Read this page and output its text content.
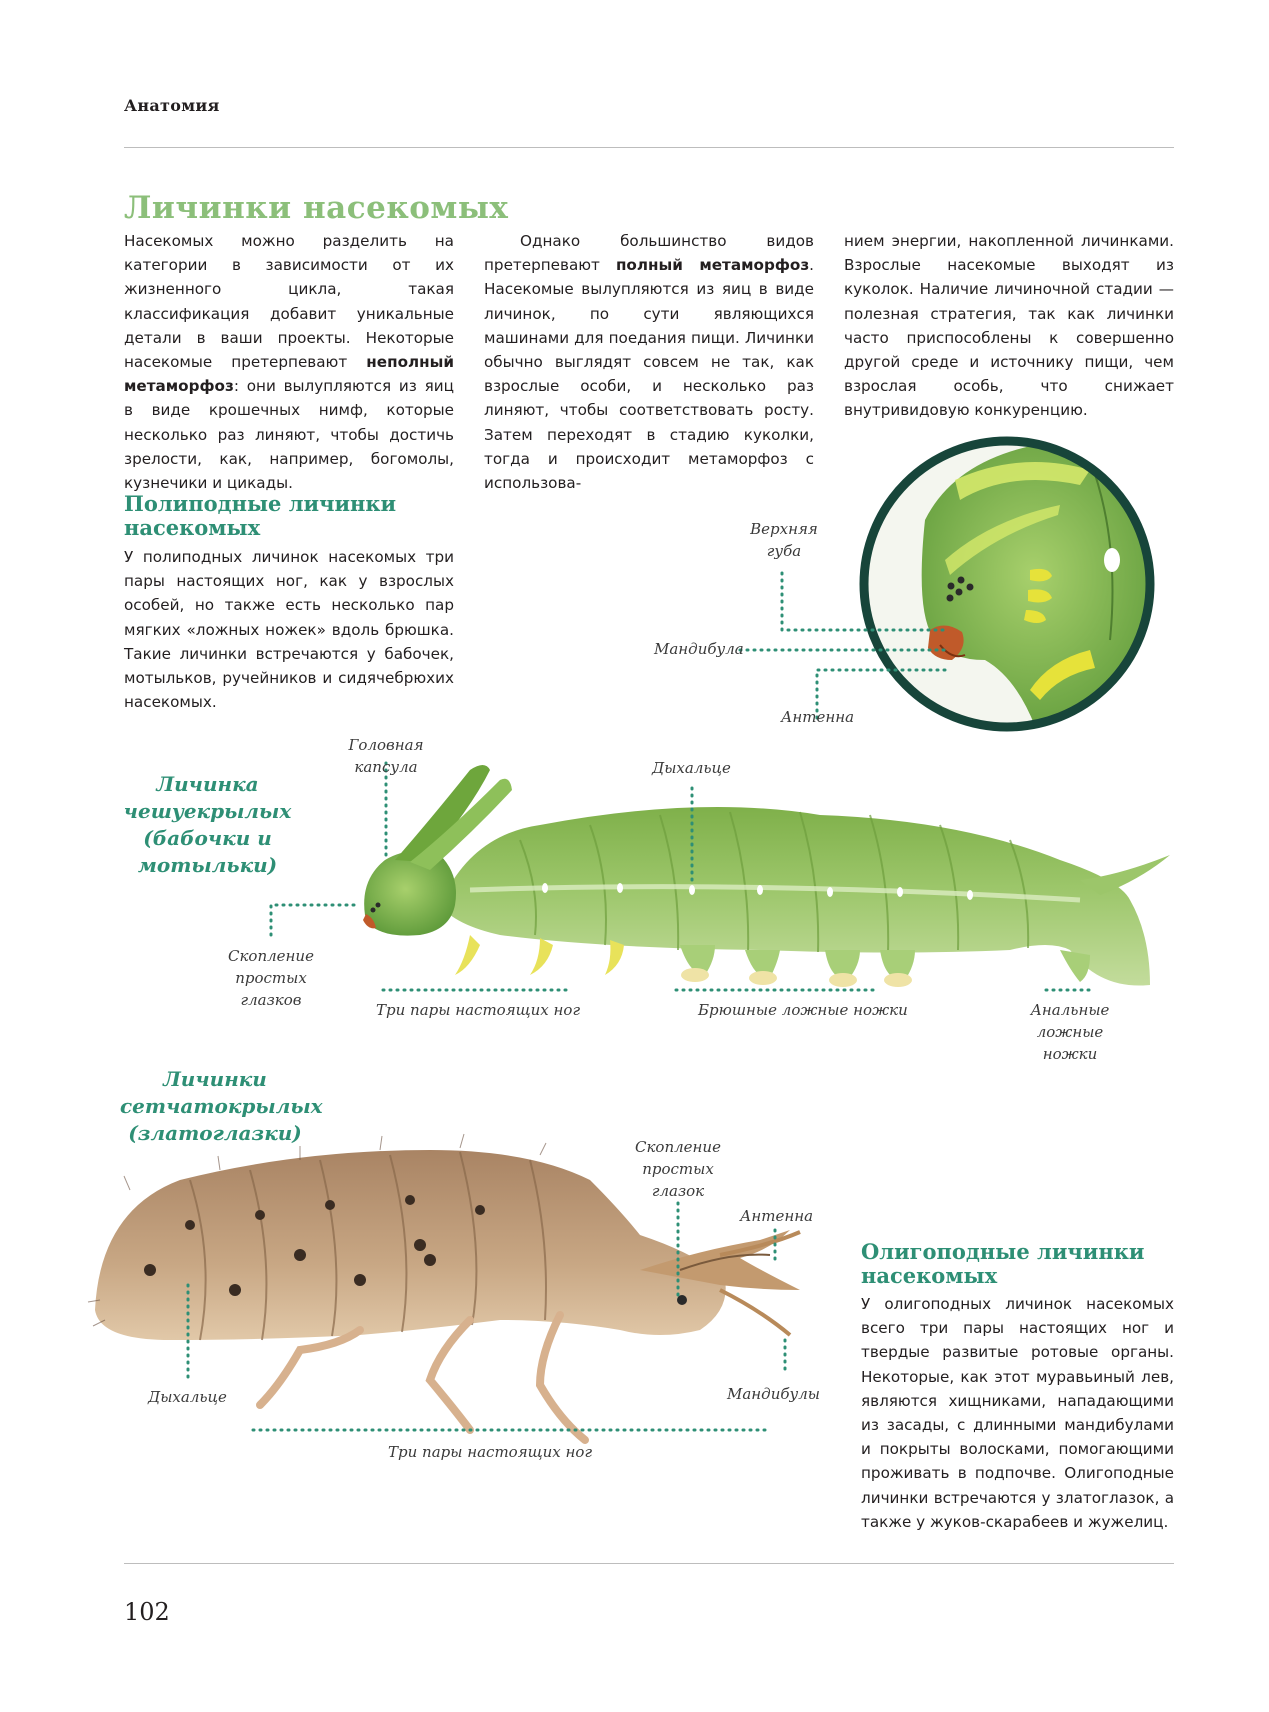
Анатомия
Личинки насекомых
Насекомых можно разделить на категории в зависимости от их жизненного цикла, такая классификация добавит уникальные детали в ваши проекты. Некоторые насекомые претерпевают неполный метаморфоз: они вылупляются из яиц в виде крошечных нимф, которые несколько раз линяют, чтобы достичь зрелости, как, например, богомолы, кузнечики и цикады.
Однако большинство видов претерпевают полный метаморфоз. Насекомые вылупляются из яиц в виде личинок, по сути являющихся машинами для поедания пищи. Личинки обычно выглядят совсем не так, как взрослые особи, и несколько раз линяют, чтобы соответствовать росту. Затем переходят в стадию куколки, тогда и происходит метаморфоз с использова-
нием энергии, накопленной личинками. Взрослые насекомые выходят из куколок. Наличие личиночной стадии — полезная стратегия, так как личинки часто приспособлены к совершенно другой среде и источнику пищи, чем взрослая особь, что снижает внутривидовую конкуренцию.
Полиподные личинки насекомых
У полиподных личинок насекомых три пары настоящих ног, как у взрослых особей, но также есть несколько пар мягких «ложных ножек» вдоль брюшка. Такие личинки встречаются у бабочек, мотыльков, ручейников и сидячебрюхих насекомых.
Верхняя губа
Мандибула
Антенна
Личинка чешуекрылых (бабочки и мотыльки)
Головная капсула	Дыхальце
Скопление простых глазков
Три пары настоящих ног	Брюшные ложные ножки	Анальные ложные ножки
Личинки сетчатокрылых (златоглазки)
Скопление простых глазок
Антенна
Дыхальце	Мандибулы
Три пары настоящих ног
Олигоподные личинки насекомых
У олигоподных личинок насекомых всего три пары настоящих ног и твердые развитые ротовые органы. Некоторые, как этот муравьиный лев, являются хищниками, нападающими из засады, с длинными мандибулами и покрыты волосками, помогающими проживать в подпочве. Олигоподные личинки встречаются у златоглазок, а также у жуков-скарабеев и жужелиц.
102
